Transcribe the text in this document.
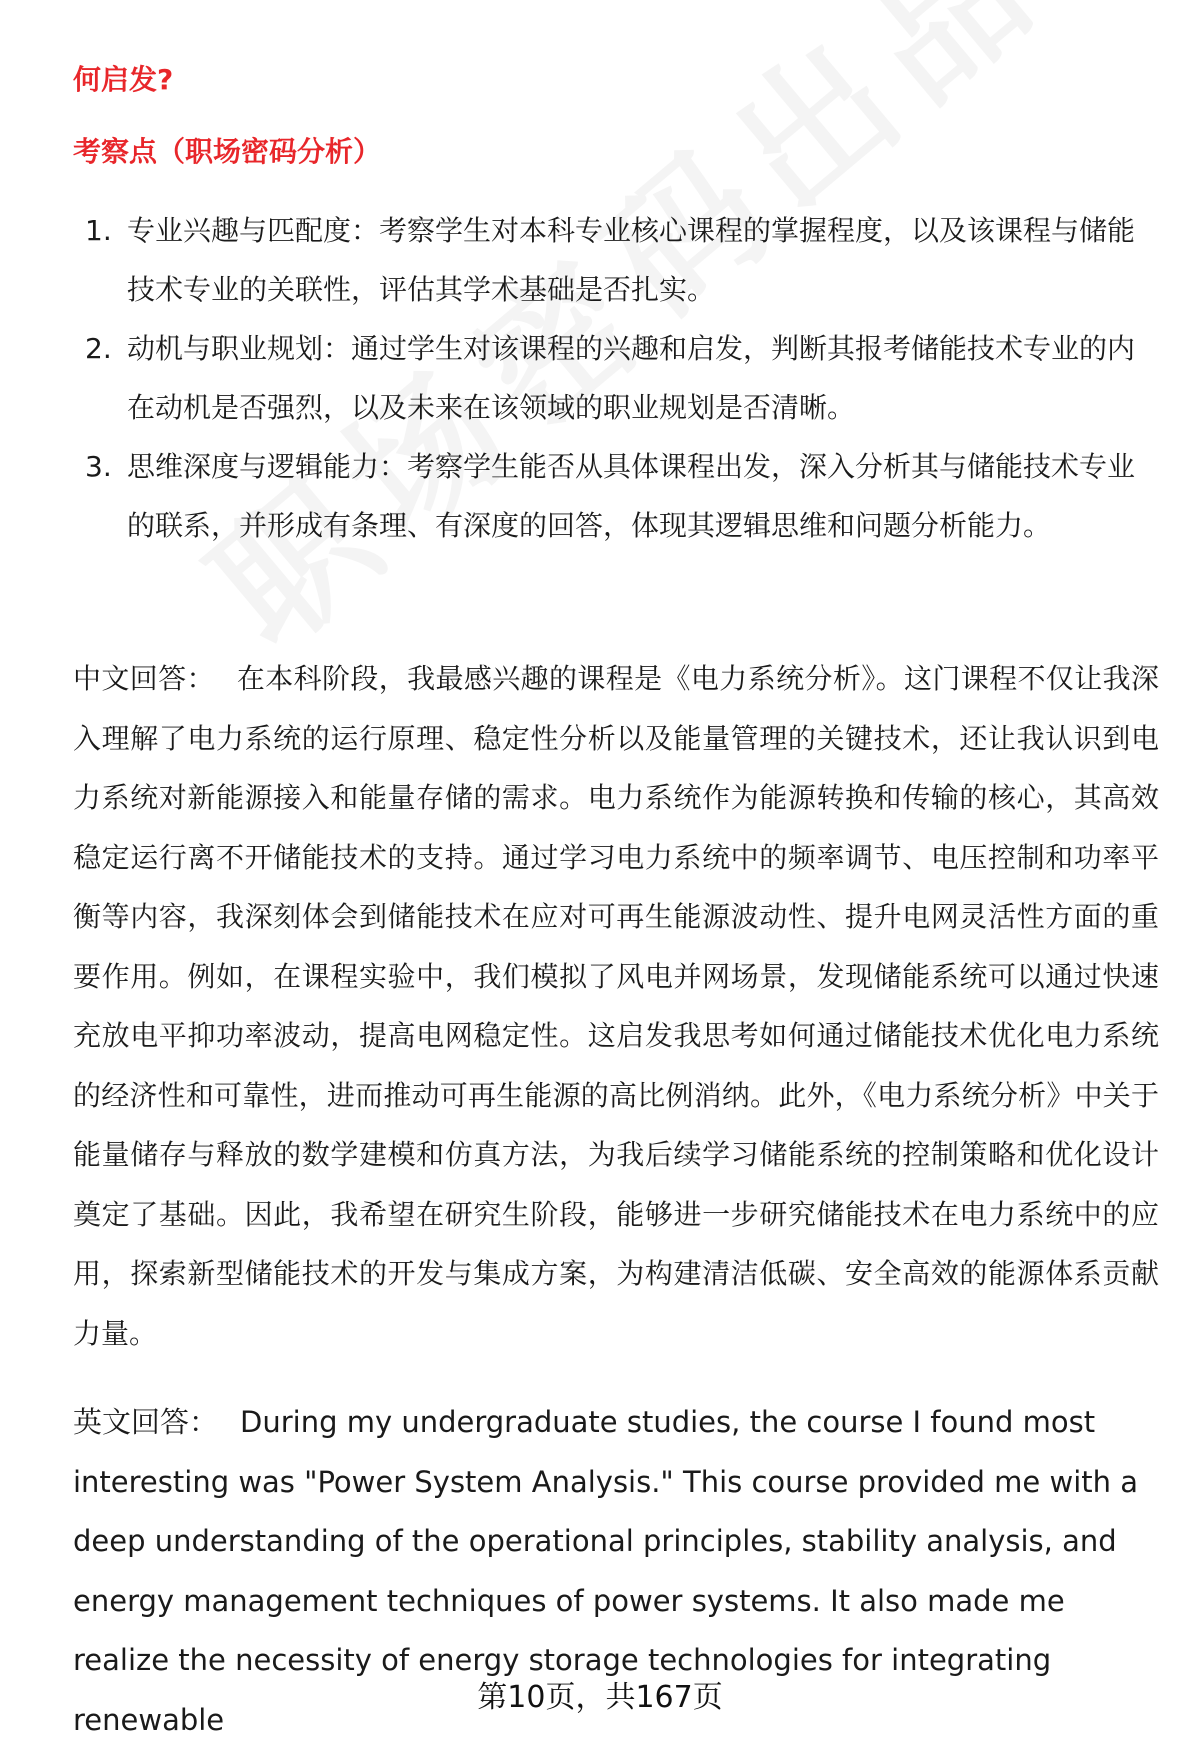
何启发?
考察点（职场密码分析）
1. 专业兴趣与匹配度：考察学生对本科专业核心课程的掌握程度，以及该课程与储能技术专业的关联性，评估其学术基础是否扎实。
2. 动机与职业规划：通过学生对该课程的兴趣和启发，判断其报考储能技术专业的内在动机是否强烈，以及未来在该领域的职业规划是否清晰。
3. 思维深度与逻辑能力：考察学生能否从具体课程出发，深入分析其与储能技术专业的联系，并形成有条理、有深度的回答，体现其逻辑思维和问题分析能力。

中文回答： 在本科阶段，我最感兴趣的课程是《电力系统分析》。这门课程不仅让我深入理解了电力系统的运行原理、稳定性分析以及能量管理的关键技术，还让我认识到电力系统对新能源接入和能量存储的需求。电力系统作为能源转换和传输的核心，其高效稳定运行离不开储能技术的支持。通过学习电力系统中的频率调节、电压控制和功率平衡等内容，我深刻体会到储能技术在应对可再生能源波动性、提升电网灵活性方面的重要作用。例如，在课程实验中，我们模拟了风电并网场景，发现储能系统可以通过快速充放电平抑功率波动，提高电网稳定性。这启发我思考如何通过储能技术优化电力系统的经济性和可靠性，进而推动可再生能源的高比例消纳。此外，《电力系统分析》中关于能量储存与释放的数学建模和仿真方法，为我后续学习储能系统的控制策略和优化设计奠定了基础。因此，我希望在研究生阶段，能够进一步研究储能技术在电力系统中的应用，探索新型储能技术的开发与集成方案，为构建清洁低碳、安全高效的能源体系贡献力量。

英文回答： During my undergraduate studies, the course I found most interesting was "Power System Analysis." This course provided me with a deep understanding of the operational principles, stability analysis, and energy management techniques of power systems. It also made me realize the necessity of energy storage technologies for integrating renewable

第10页，共167页
